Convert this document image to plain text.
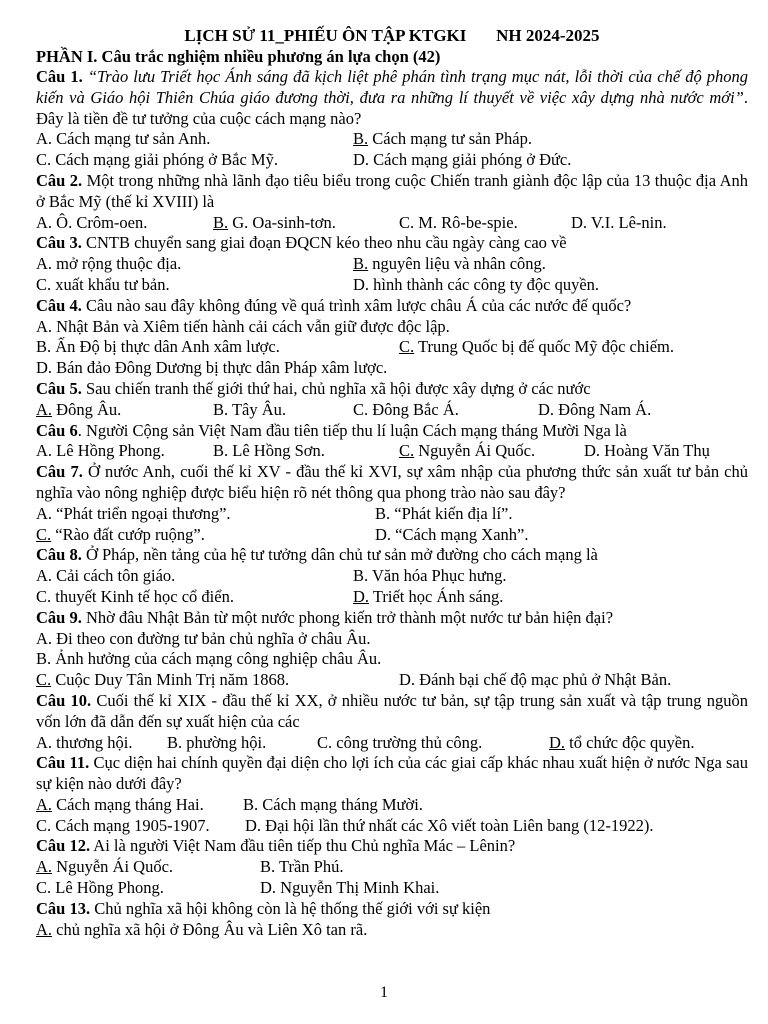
LỊCH SỬ 11_PHIẾU ÔN TẬP KTGKI       NH 2024-2025
PHẦN I. Câu trắc nghiệm nhiều phương án lựa chọn (42)
Câu 1. “Trào lưu Triết học Ánh sáng đã kịch liệt phê phán tình trạng mục nát, lỗi thời của chế độ phong kiến và Giáo hội Thiên Chúa giáo đương thời, đưa ra những lí thuyết về việc xây dựng nhà nước mới”. Đây là tiền đề tư tưởng của cuộc cách mạng nào?
A. Cách mạng tư sản Anh.	B. Cách mạng tư sản Pháp.
C. Cách mạng giải phóng ở Bắc Mỹ.	D. Cách mạng giải phóng ở Đức.
Câu 2. Một trong những nhà lãnh đạo tiêu biểu trong cuộc Chiến tranh giành độc lập của 13 thuộc địa Anh ở Bắc Mỹ (thế kỉ XVIII) là
A. Ô. Crôm-oen.	B. G. Oa-sinh-tơn.	C. M. Rô-be-spie.	D. V.I. Lê-nin.
Câu 3. CNTB chuyển sang giai đoạn ĐQCN kéo theo nhu cầu ngày càng cao về
A. mở rộng thuộc địa.	B. nguyên liệu và nhân công.
C. xuất khẩu tư bản.	D. hình thành các công ty độc quyền.
Câu 4. Câu nào sau đây không đúng về quá trình xâm lược châu Á của các nước đế quốc?
A. Nhật Bản và Xiêm tiến hành cải cách vẫn giữ được độc lập.
B. Ấn Độ bị thực dân Anh xâm lược.	C. Trung Quốc bị đế quốc Mỹ độc chiếm.
D. Bán đảo Đông Dương bị thực dân Pháp xâm lược.
Câu 5. Sau chiến tranh thế giới thứ hai, chủ nghĩa xã hội được xây dựng ở các nước
A. Đông Âu.	B. Tây Âu.	C. Đông Bắc Á.	D. Đông Nam Á.
Câu 6. Người Cộng sản Việt Nam đầu tiên tiếp thu lí luận Cách mạng tháng Mười Nga là
A. Lê Hồng Phong.	B. Lê Hồng Sơn.	C. Nguyễn Ái Quốc.	D. Hoàng Văn Thụ
Câu 7. Ở nước Anh, cuối thế kỉ XV - đầu thế kỉ XVI, sự xâm nhập của phương thức sản xuất tư bản chủ nghĩa vào nông nghiệp được biểu hiện rõ nét thông qua phong trào nào sau đây?
A. “Phát triển ngoại thương”.	B. “Phát kiến địa lí”.
C. “Rào đất cướp ruộng”.	D. “Cách mạng Xanh”.
Câu 8. Ở Pháp, nền tảng của hệ tư tưởng dân chủ tư sản mở đường cho cách mạng là
A. Cải cách tôn giáo.	B. Văn hóa Phục hưng.
C. thuyết Kinh tế học cổ điển.	D. Triết học Ánh sáng.
Câu 9. Nhờ đâu Nhật Bản từ một nước phong kiến trở thành một nước tư bản hiện đại?
A. Đi theo con đường tư bản chủ nghĩa ở châu Âu.
B. Ảnh hưởng của cách mạng công nghiệp châu Âu.
C. Cuộc Duy Tân Minh Trị năm 1868.	D. Đánh bại chế độ mạc phủ ở Nhật Bản.
Câu 10. Cuối thế kỉ XIX - đầu thế kỉ XX, ở nhiều nước tư bản, sự tập trung sản xuất và tập trung nguồn vốn lớn đã dẫn đến sự xuất hiện của các
A. thương hội. B. phường hội.	C. công trường thủ công.	D. tổ chức độc quyền.
Câu 11. Cục diện hai chính quyền đại diện cho lợi ích của các giai cấp khác nhau xuất hiện ở nước Nga sau sự kiện nào dưới đây?
A. Cách mạng tháng Hai. B. Cách mạng tháng Mười.
C. Cách mạng 1905-1907. D. Đại hội lần thứ nhất các Xô viết toàn Liên bang (12-1922).
Câu 12. Ai là người Việt Nam đầu tiên tiếp thu Chủ nghĩa Mác – Lênin?
A. Nguyễn Ái Quốc.	B. Trần Phú.
C. Lê Hồng Phong.	D. Nguyễn Thị Minh Khai.
Câu 13. Chủ nghĩa xã hội không còn là hệ thống thế giới với sự kiện
A. chủ nghĩa xã hội ở Đông Âu và Liên Xô tan rã.
1
